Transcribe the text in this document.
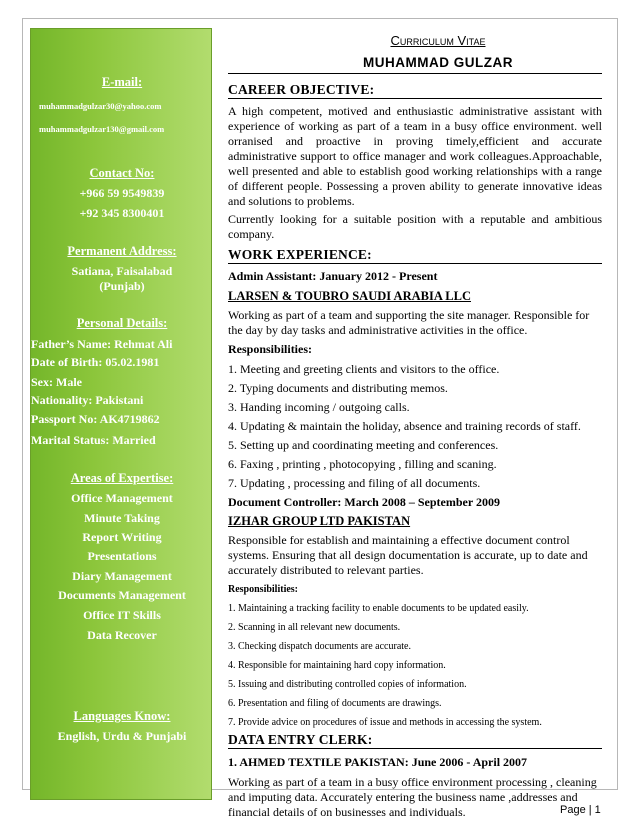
E-mail:
muhammadgulzar30@yahoo.com
muhammadgulzar130@gmail.com
Contact No:
+966 59 9549839
+92 345 8300401
Permanent Address:
Satiana, Faisalabad
(Punjab)
Personal Details:
Father’s Name: Rehmat Ali
Date of Birth: 05.02.1981
Sex: Male
Nationality: Pakistani
Passport No: AK4719862
Marital Status: Married
Areas of Expertise:
Office Management
Minute Taking
Report Writing
Presentations
Diary Management
Documents Management
Office IT Skills
Data Recover
Languages Know:
English, Urdu & Punjabi
Curriculum Vitae
MUHAMMAD GULZAR
CAREER OBJECTIVE:
A high competent, motived and enthusiastic administrative assistant with experience of working as part of a team in a busy office environment. well orranised and proactive in proving timely,efficient and accurate administrative support to office manager and work colleagues.Approachable, well presented and able to establish good working relationships with a range of different people. Possessing a proven ability to generate innovative ideas and solutions to problems.
Currently looking for a suitable position with a reputable and ambitious company.
WORK EXPERIENCE:
Admin Assistant: January 2012 - Present
LARSEN & TOUBRO SAUDI ARABIA LLC
Working as part of a team and supporting the site manager. Responsible for the day by day tasks and administrative activities in the office.
Responsibilities:
1. Meeting and greeting clients and visitors to the office.
2. Typing documents and distributing memos.
3. Handing incoming / outgoing calls.
4. Updating & maintain the holiday, absence and training records of staff.
5. Setting up and coordinating meeting and conferences.
6. Faxing , printing , photocopying , filling and scaning.
7. Updating , processing and filing of all documents.
Document Controller: March 2008 – September 2009
IZHAR GROUP LTD PAKISTAN
Responsible for establish and maintaining a effective document control systems. Ensuring that all design documentation is accurate, up to date and accurately distributed to relevant parties.
Responsibilities:
1. Maintaining a tracking facility to enable documents to be updated easily.
2. Scanning in all relevant new documents.
3. Checking dispatch documents are accurate.
4. Responsible for maintaining hard copy information.
5. Issuing and distributing controlled copies of information.
6. Presentation and filing of documents are drawings.
7. Provide advice on procedures of issue and methods in accessing the system.
DATA ENTRY CLERK:
1. AHMED TEXTILE PAKISTAN: June 2006 - April 2007
Working as part of a team in a busy office environment processing , cleaning and imputing data. Accurately entering the business name ,addresses and financial details of on businesses and individuals.	Page | 1
